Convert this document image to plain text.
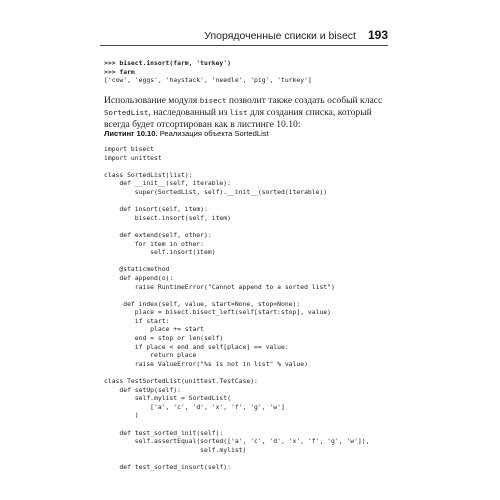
Упорядоченные списки и bisect 193
>>> bisect.insort(farm, 'turkey')
>>> farm
['cow', 'eggs', 'haystack', 'needle', 'pig', 'turkey']

Использование модуля bisect позволит также создать особый класс SortedList, наследованный из list для создания списка, который всегда будет отсортирован как в листинге 10.10:

Листинг 10.10. Реализация объекта SortedList
import bisect
import unittest

class SortedList(list):
def __init__(self, iterable):
super(SortedList, self).__init__(sorted(iterable))

def insort(self, item):
bisect.insort(self, item)

def extend(self, other):
for item in other:
self.insort(item)

@staticmethod
def append(o):
raise RuntimeError("Cannot append to a sorted list")

def index(self, value, start=None, stop=None):
place = bisect.bisect_left(self[start:stop], value)
if start:
place += start
end = stop or len(self)
if place < end and self[place] == value:
return place
raise ValueError("%s is not in list" % value)

class TestSortedList(unittest.TestCase):
def setUp(self):
self.mylist = SortedList(
['a', 'c', 'd', 'x', 'f', 'g', 'w']
)

def test_sorted_init(self):
self.assertEqual(sorted(['a', 'c', 'd', 'x', 'f', 'g', 'w']),
self.mylist)

def test_sorted_insort(self):
